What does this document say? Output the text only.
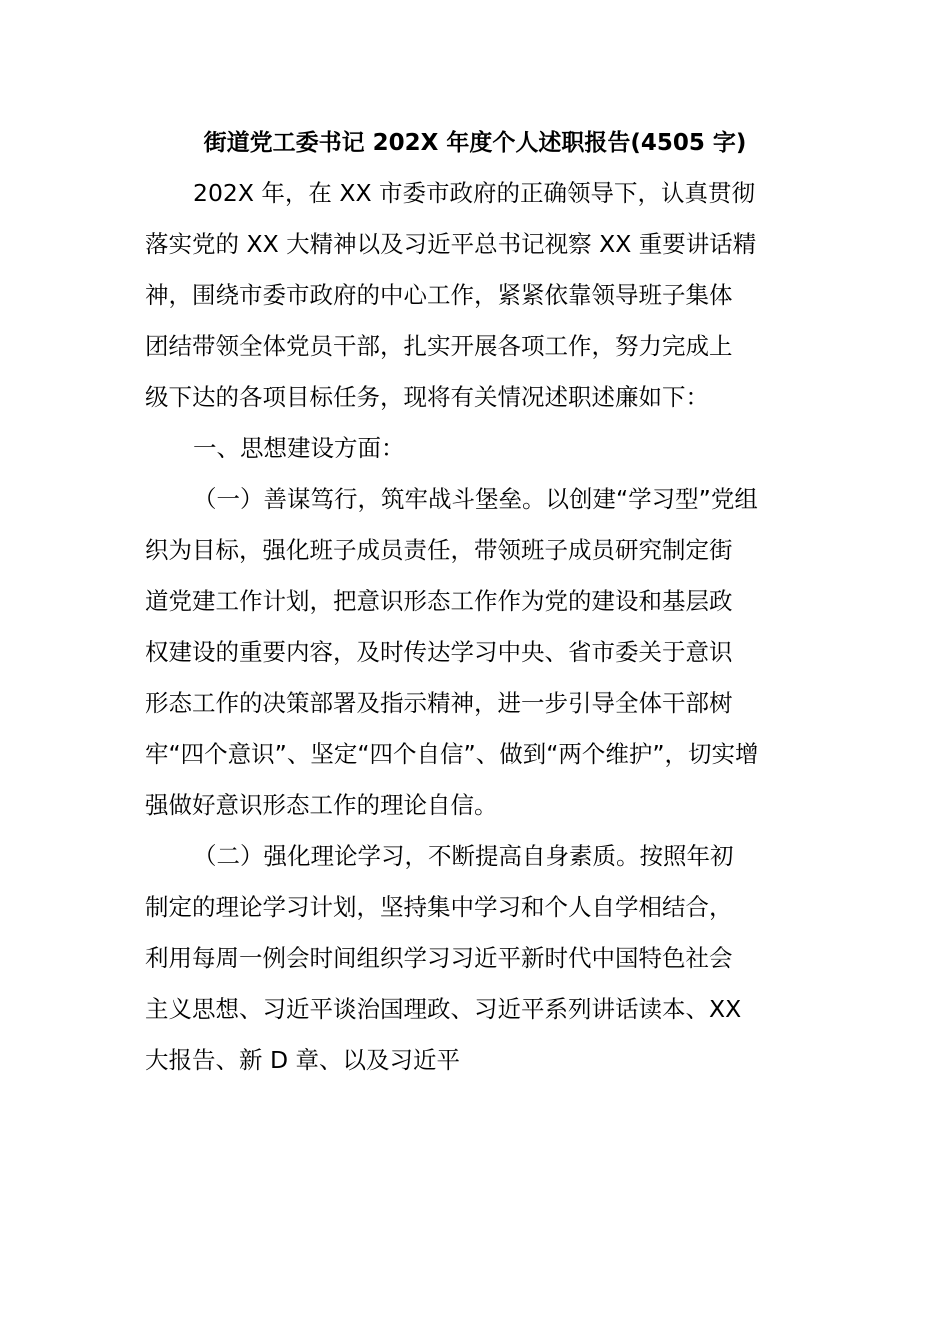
街道党工委书记 202X 年度个人述职报告(4505 字)
202X 年，在 XX 市委市政府的正确领导下，认真贯彻
落实党的 XX 大精神以及习近平总书记视察 XX 重要讲话精
神，围绕市委市政府的中心工作，紧紧依靠领导班子集体
团结带领全体党员干部，扎实开展各项工作，努力完成上
级下达的各项目标任务，现将有关情况述职述廉如下：
一、思想建设方面：
（一）善谋笃行，筑牢战斗堡垒。以创建“学习型”党组
织为目标，强化班子成员责任，带领班子成员研究制定街
道党建工作计划，把意识形态工作作为党的建设和基层政
权建设的重要内容，及时传达学习中央、省市委关于意识
形态工作的决策部署及指示精神，进一步引导全体干部树
牢“四个意识”、坚定“四个自信”、做到“两个维护”，切实增
强做好意识形态工作的理论自信。
（二）强化理论学习，不断提高自身素质。按照年初
制定的理论学习计划，坚持集中学习和个人自学相结合，
利用每周一例会时间组织学习习近平新时代中国特色社会
主义思想、习近平谈治国理政、习近平系列讲话读本、XX
大报告、新 D 章、以及习近平
